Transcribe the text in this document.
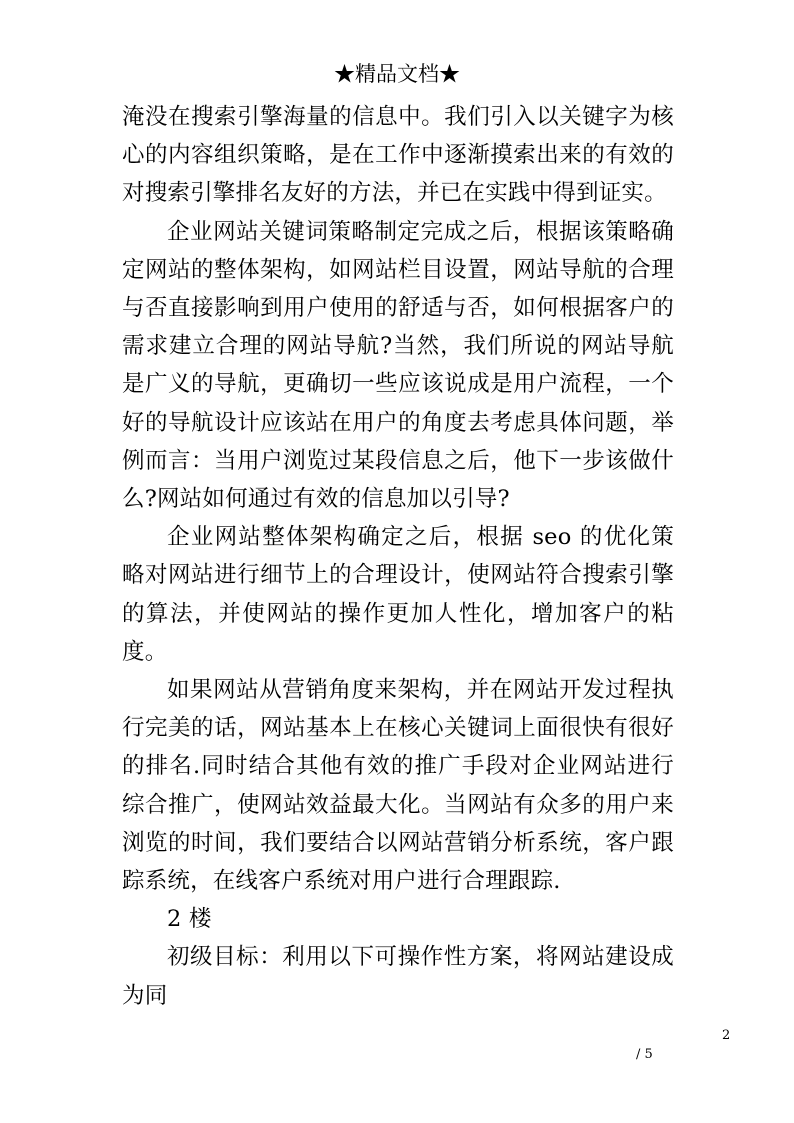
★精品文档★

淹没在搜索引擎海量的信息中。我们引入以关键字为核心的内容组织策略，是在工作中逐渐摸索出来的有效的对搜索引擎排名友好的方法，并已在实践中得到证实。

企业网站关键词策略制定完成之后，根据该策略确定网站的整体架构，如网站栏目设置，网站导航的合理与否直接影响到用户使用的舒适与否，如何根据客户的需求建立合理的网站导航?当然，我们所说的网站导航是广义的导航，更确切一些应该说成是用户流程，一个好的导航设计应该站在用户的角度去考虑具体问题，举例而言：当用户浏览过某段信息之后，他下一步该做什么?网站如何通过有效的信息加以引导?

企业网站整体架构确定之后，根据 seo 的优化策略对网站进行细节上的合理设计，使网站符合搜索引擎的算法，并使网站的操作更加人性化，增加客户的粘度。

如果网站从营销角度来架构，并在网站开发过程执行完美的话，网站基本上在核心关键词上面很快有很好的排名.同时结合其他有效的推广手段对企业网站进行综合推广，使网站效益最大化。当网站有众多的用户来浏览的时间，我们要结合以网站营销分析系统，客户跟踪系统，在线客户系统对用户进行合理跟踪.

2 楼

初级目标：利用以下可操作性方案，将网站建设成为同

2
/ 5
